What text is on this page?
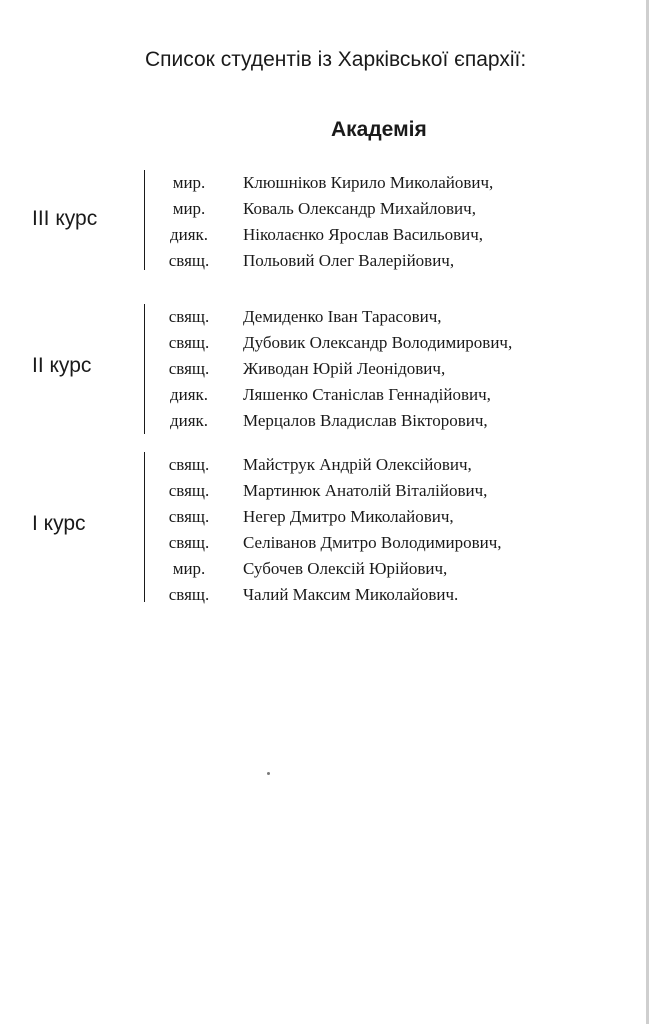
Список студентів із Харківської єпархії:
Академія
III курс
мир.	Клюшніков Кирило Миколайович,
мир.	Коваль Олександр Михайлович,
дияк.	Ніколаєнко Ярослав Васильович,
свящ.	Польовий Олег Валерійович,
II курс
свящ.	Демиденко Іван Тарасович,
свящ.	Дубовик Олександр Володимирович,
свящ.	Живодан Юрій Леонідович,
дияк.	Ляшенко Станіслав Геннадійович,
дияк.	Мерцалов Владислав Вікторович,
I курс
свящ.	Майструк Андрій Олексійович,
свящ.	Мартинюк Анатолій Віталійович,
свящ.	Негер Дмитро Миколайович,
свящ.	Селіванов Дмитро Володимирович,
мир.	Субочев Олексій Юрійович,
свящ.	Чалий Максим Миколайович.
